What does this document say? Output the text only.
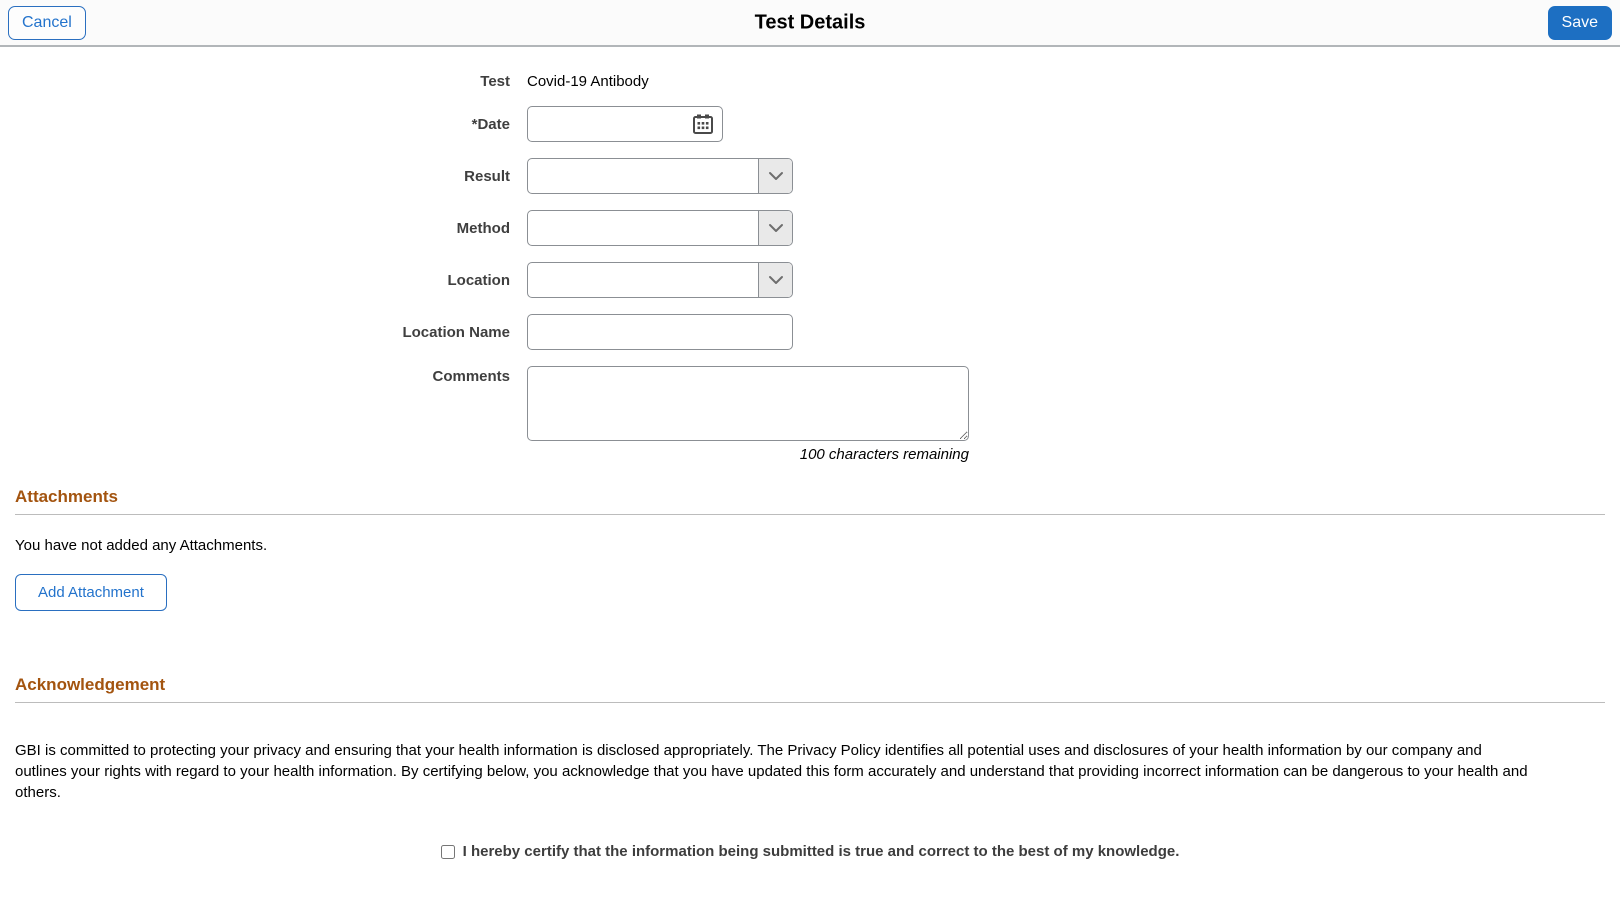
Cancel	Test Details	Save
Test Covid-19 Antibody
*Date
Result
Method
Location
Location Name
Comments
100 characters remaining
Attachments
You have not added any Attachments.
Add Attachment
Acknowledgement

GBI is committed to protecting your privacy and ensuring that your health information is disclosed appropriately. The Privacy Policy identifies all potential uses and disclosures of your health information by our company and outlines your rights with regard to your health information. By certifying below, you acknowledge that you have updated this form accurately and understand that providing incorrect information can be dangerous to your health and others.

I hereby certify that the information being submitted is true and correct to the best of my knowledge.
